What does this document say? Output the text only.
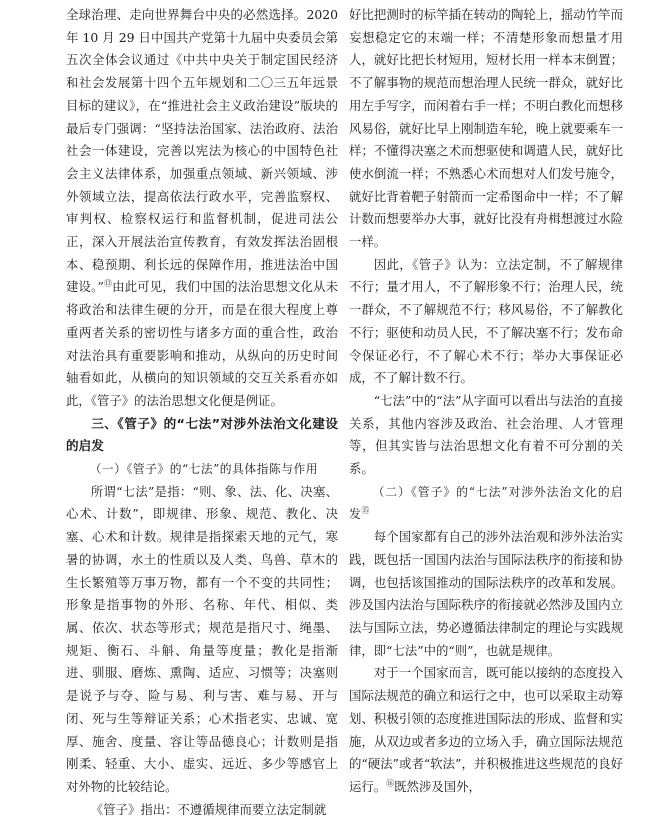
全球治理、走向世界舞台中央的必然选择。2020 年 10 月 29 日中国共产党第十九届中央委员会第五次全体会议通过《中共中央关于制定国民经济和社会发展第十四个五年规划和二〇三五年远景目标的建议》，在“推进社会主义政治建设”版块的最后专门强调：“坚持法治国家、法治政府、法治社会一体建设，完善以宪法为核心的中国特色社会主义法律体系，加强重点领域、新兴领域、涉外领域立法，提高依法行政水平，完善监察权、审判权、检察权运行和监督机制，促进司法公正，深入开展法治宣传教育，有效发挥法治固根本、稳预期、利长远的保障作用，推进法治中国建设。”⑬由此可见，我们中国的法治思想文化从未将政治和法律生硬的分开，而是在很大程度上尊重两者关系的密切性与诸多方面的重合性，政治对法治具有重要影响和推动，从纵向的历史时间轴看如此，从横向的知识领域的交互关系看亦如此，《管子》的法治思想文化便是例证。

三、《管子》的“七法”对涉外法治文化建设的启发

（一）《管子》的“七法”的具体指陈与作用

所谓“七法”是指：“则、象、法、化、决塞、心术、计数”，即规律、形象、规范、教化、决塞、心术和计数。规律是指探索天地的元气，寒暑的协调，水土的性质以及人类、鸟兽、草木的生长繁殖等万事万物，都有一个不变的共同性；形象是指事物的外形、名称、年代、相似、类属、依次、状态等形式；规范是指尺寸、绳墨、规矩、衡石、斗斛、角量等度量；教化是指渐进、驯服、磨炼、熏陶、适应、习惯等；决塞则是说予与夺、险与易、利与害、难与易、开与闭、死与生等辩证关系；心术指老实、忠诚、宽厚、施舍、度量、容让等品德良心；计数则是指刚柔、轻重、大小、虚实、远近、多少等感官上对外物的比较结论。

《管子》指出：不遵循规律而要立法定制就

好比把测时的标竿插在转动的陶轮上，摇动竹竿而妄想稳定它的末端一样；不清楚形象而想量才用人，就好比把长材短用，短材长用一样本末倒置；不了解事物的规范而想治理人民统一群众，就好比用左手写字，而闲着右手一样；不明白教化而想移风易俗，就好比早上刚制造车轮，晚上就要乘车一样；不懂得决塞之术而想驱使和调遣人民，就好比使水倒流一样；不熟悉心术而想对人们发号施令，就好比背着靶子射箭而一定希图命中一样；不了解计数而想要举办大事，就好比没有舟楫想渡过水险一样。

因此，《管子》认为：立法定制，不了解规律不行；量才用人，不了解形象不行；治理人民，统一群众，不了解规范不行；移风易俗，不了解教化不行；驱使和动员人民，不了解决塞不行；发布命令保证必行，不了解心术不行；举办大事保证必成，不了解计数不行。

“七法”中的“法”从字面可以看出与法治的直接关系，其他内容涉及政治、社会治理、人才管理等，但其实皆与法治思想文化有着不可分割的关系。

（二）《管子》的“七法”对涉外法治文化的启发⑮

每个国家都有自己的涉外法治观和涉外法治实践，既包括一国国内法治与国际法秩序的衔接和协调，也包括该国推动的国际法秩序的改革和发展。涉及国内法治与国际秩序的衔接就必然涉及国内立法与国际立法，势必遵循法律制定的理论与实践规律，即“七法”中的“则”，也就是规律。

对于一个国家而言，既可能以接纳的态度投入国际法规范的确立和运行之中，也可以采取主动筹划、积极引领的态度推进国际法的形成、监督和实施，从双边或者多边的立场入手，确立国际法规范的“硬法”或者“软法”，并积极推进这些规范的良好运行。⑯既然涉及国外，
